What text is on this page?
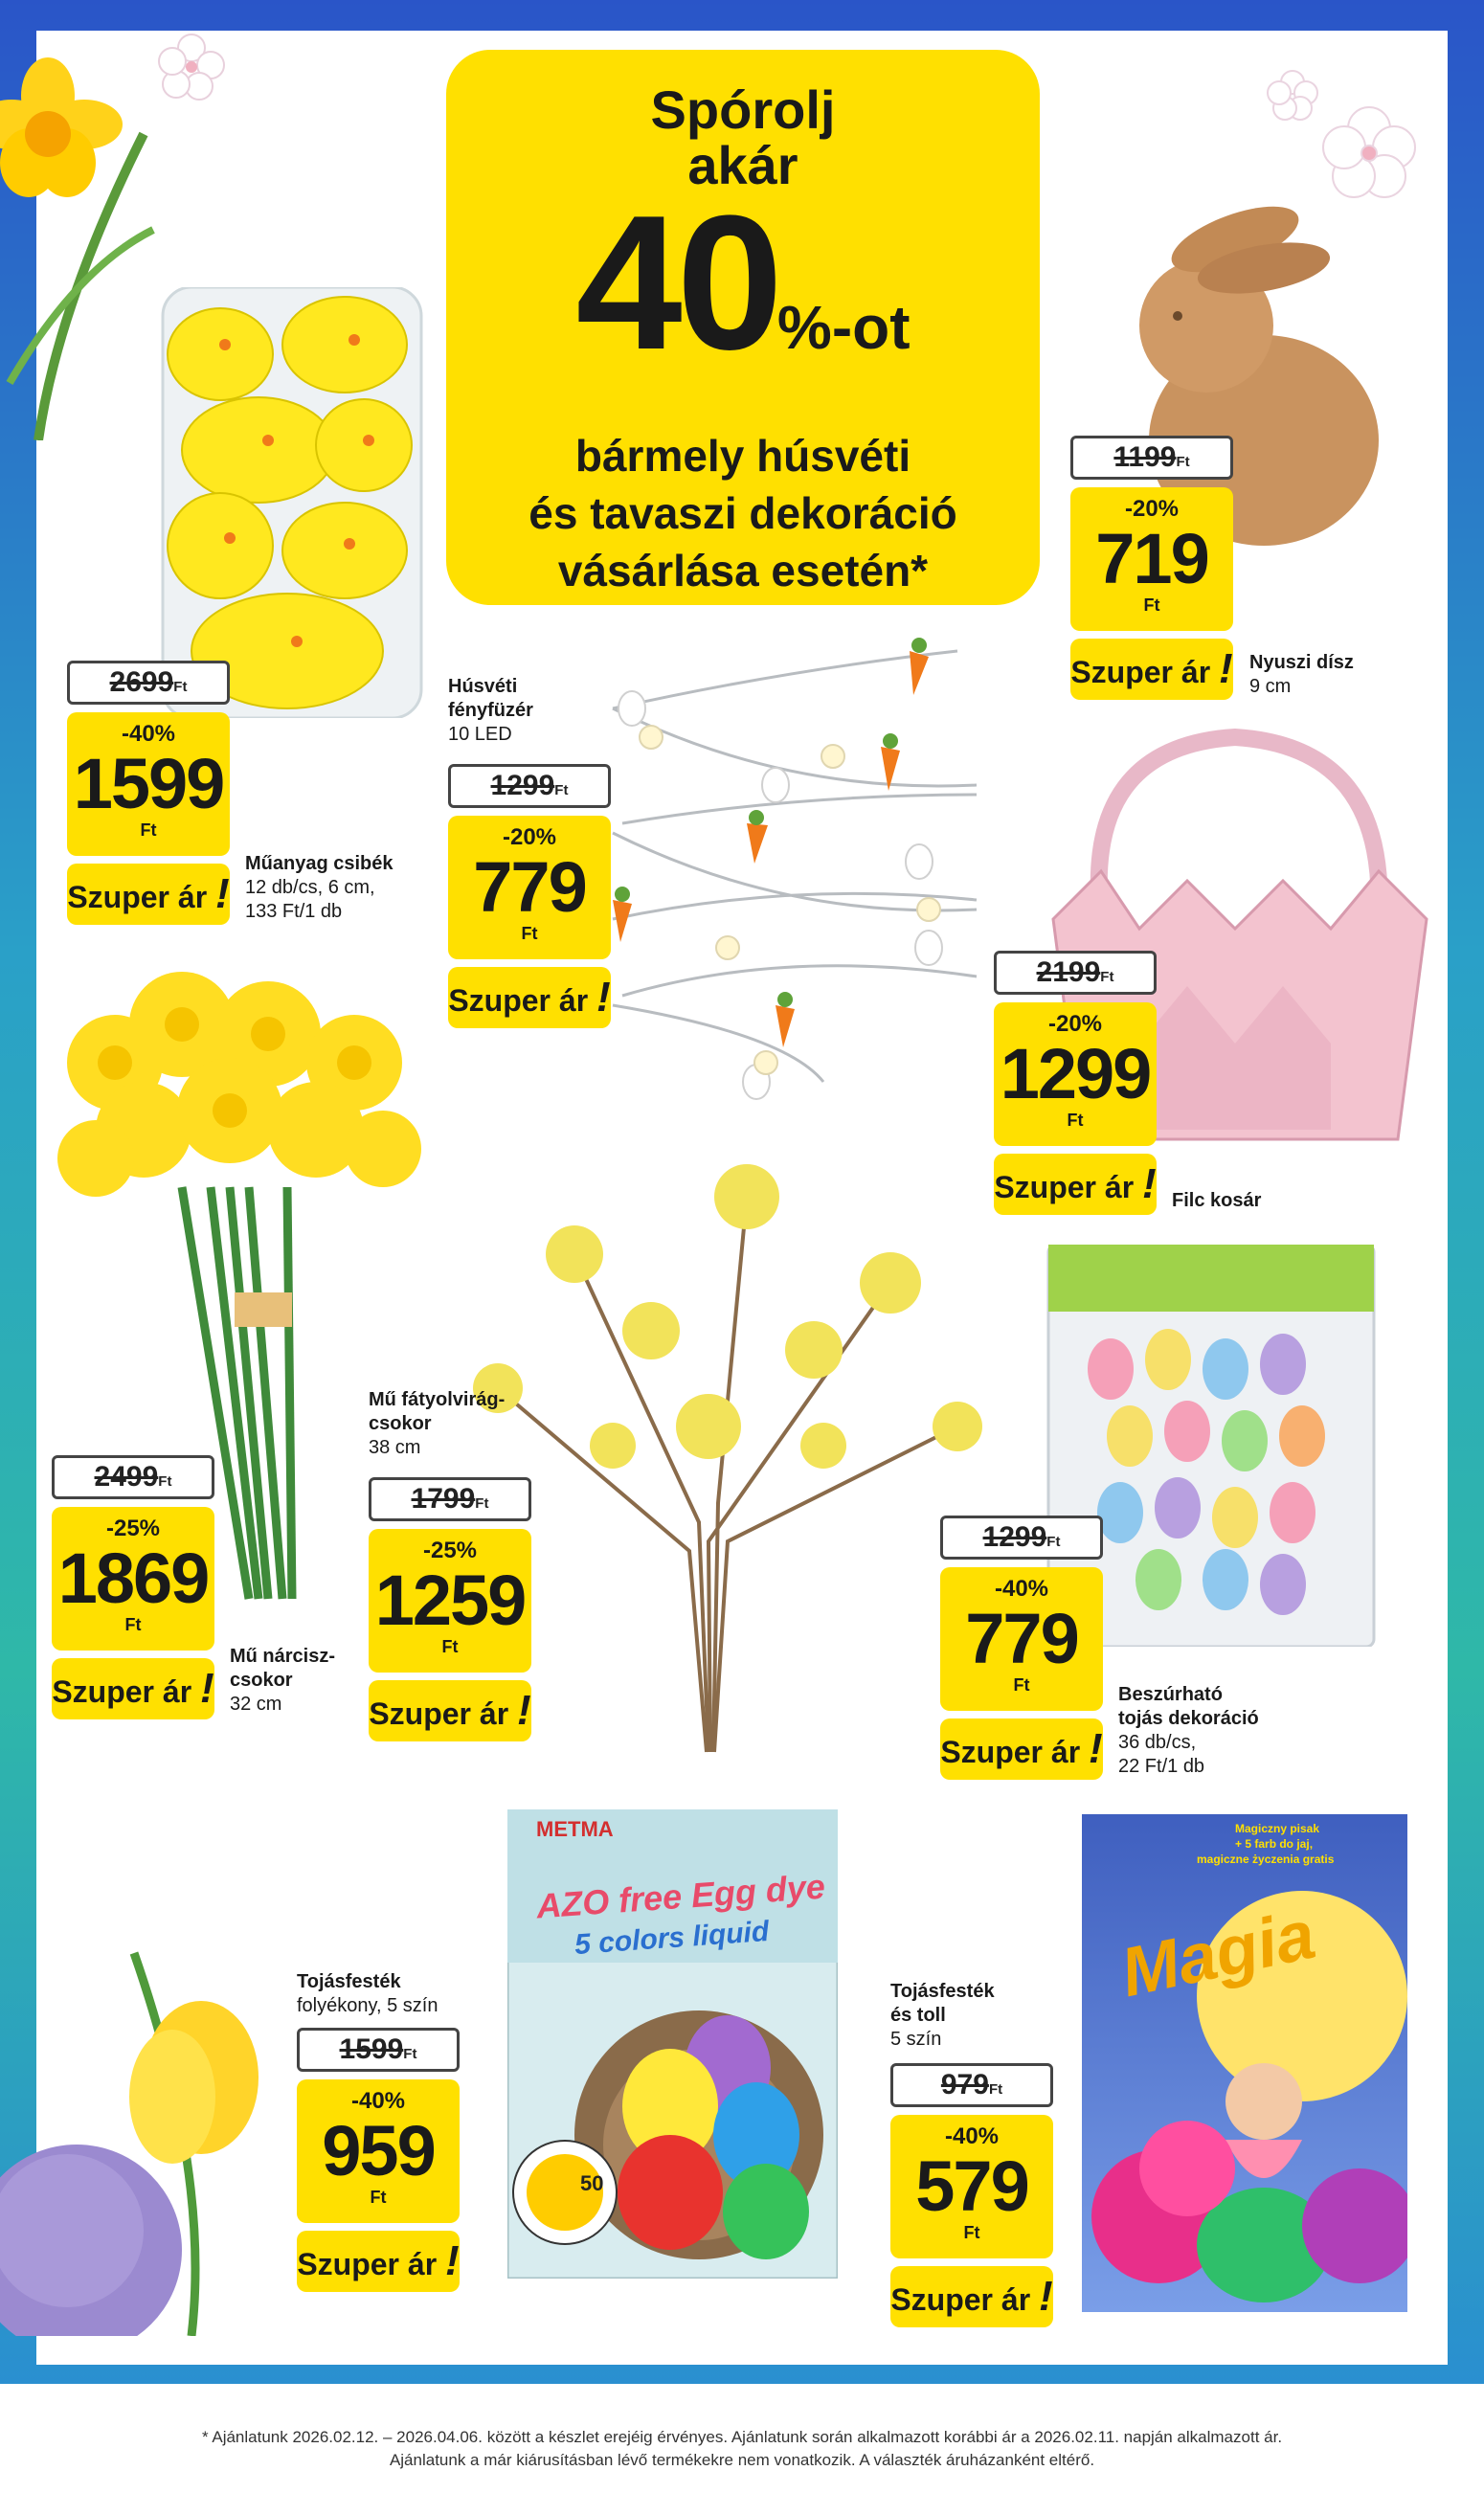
Spórolj
akár
40%-ot
bármely húsvéti
és tavaszi dekoráció
vásárlása esetén*
METMA
AZO free Egg dye
5 colors liquid
50
Magiczny pisak
+ 5 farb do jaj,
magiczne życzenia gratis
Magia
2699Ft
-40%
1599
Ft
Szuper ár !
Műanyag csibék
12 db/cs, 6 cm,
133 Ft/1 db
1299Ft
-20%
779
Ft
Szuper ár !
Húsvéti
fényfüzér
10 LED
1199Ft
-20%
719
Ft
Szuper ár ! Nyuszi dísz
9 cm
2199Ft
-20%
1299
Ft
Szuper ár ! Filc kosár
2499Ft
-25%
1869
Ft
Szuper ár !
Mű nárcisz-
csokor
32 cm
1799Ft
-25%
1259
Ft
Szuper ár !
Mű fátyolvirág-
csokor
38 cm
1299Ft
-40%
779
Ft
Szuper ár !
Beszúrható
tojás dekoráció
36 db/cs,
22 Ft/1 db
1599Ft
-40%
959
Ft
Szuper ár !
Tojásfesték
folyékony, 5 szín
979Ft
-40%
579
Ft
Szuper ár !
Tojásfesték
és toll
5 szín
* Ajánlatunk 2026.02.12. – 2026.04.06. között a készlet erejéig érvényes. Ajánlatunk során alkalmazott korábbi ár a 2026.02.11. napján alkalmazott ár.
Ajánlatunk a már kiárusításban lévő termékekre nem vonatkozik. A választék áruházanként eltérő.
